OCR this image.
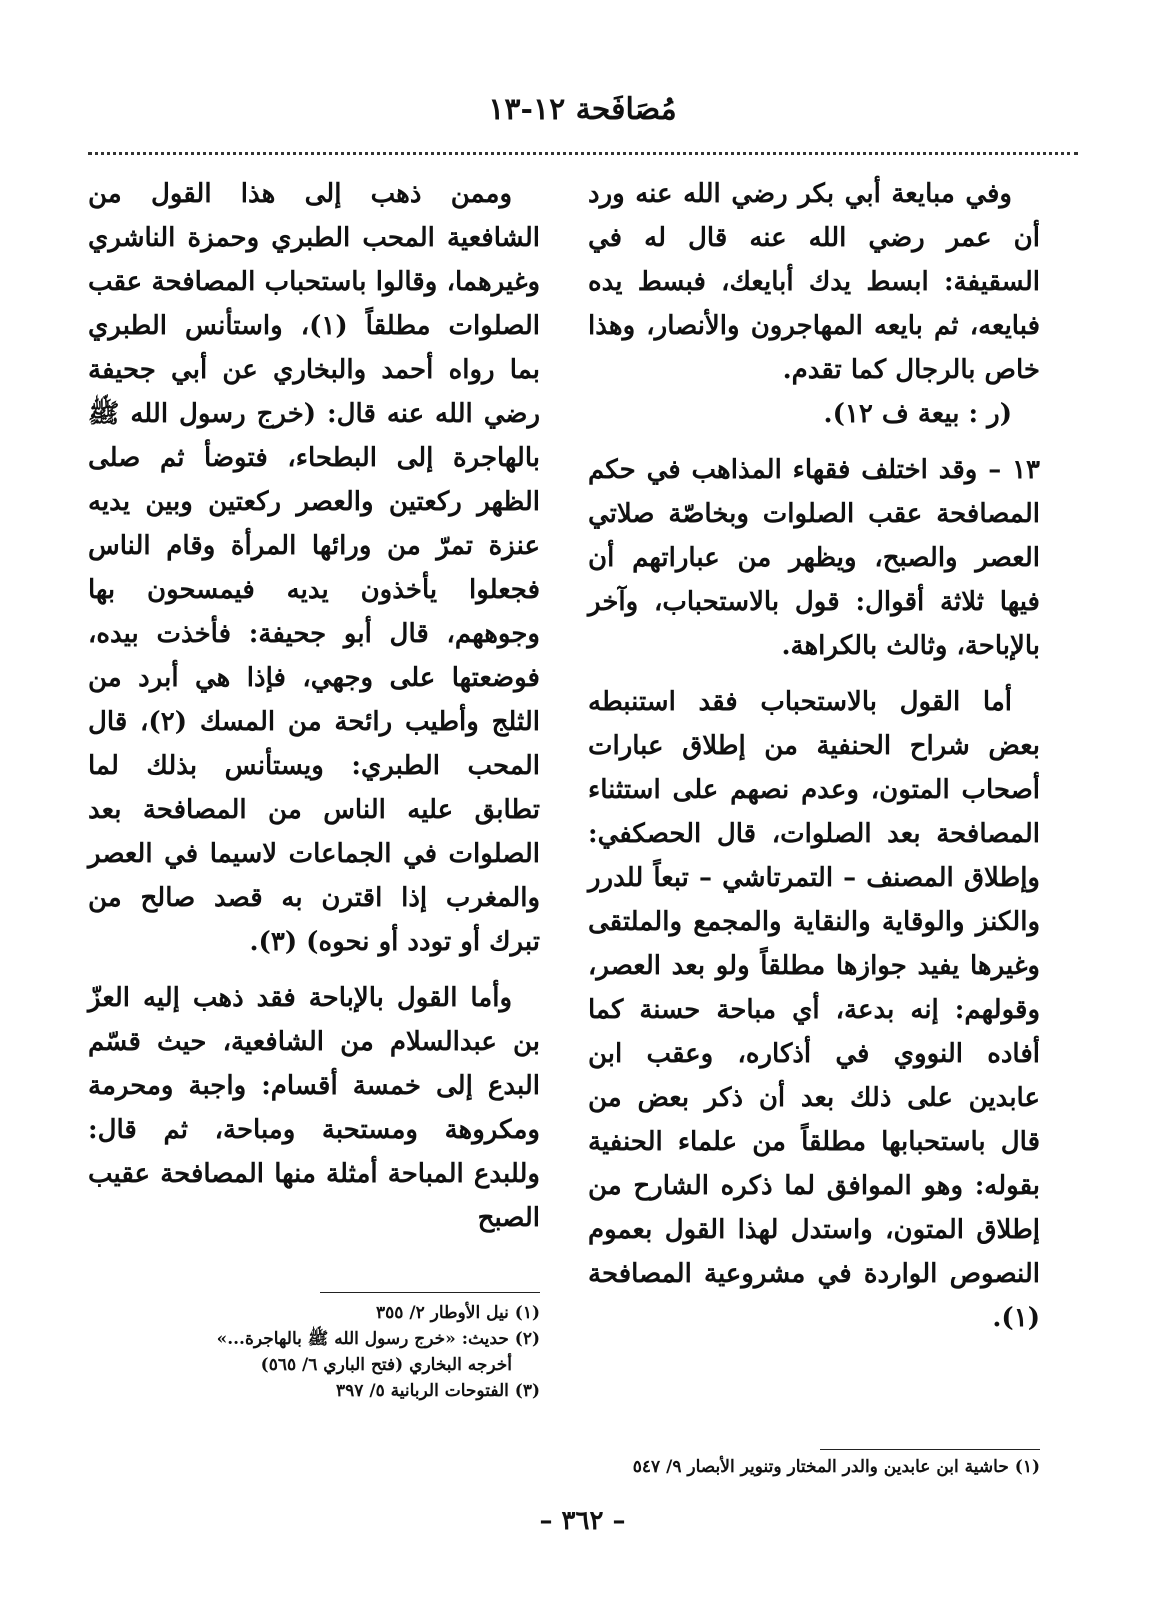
مُصَافَحة ١٢-١٣

وفي مبايعة أبي بكر رضي الله عنه ورد أن عمر رضي الله عنه قال له في السقيفة: ابسط يدك أبايعك، فبسط يده فبايعه، ثم بايعه المهاجرون والأنصار، وهذا خاص بالرجال كما تقدم.

(ر : بيعة ف ١٢).

١٣ – وقد اختلف فقهاء المذاهب في حكم المصافحة عقب الصلوات وبخاصّة صلاتي العصر والصبح، ويظهر من عباراتهم أن فيها ثلاثة أقوال: قول بالاستحباب، وآخر بالإباحة، وثالث بالكراهة.

أما القول بالاستحباب فقد استنبطه بعض شراح الحنفية من إطلاق عبارات أصحاب المتون، وعدم نصهم على استثناء المصافحة بعد الصلوات، قال الحصكفي: وإطلاق المصنف – التمرتاشي – تبعاً للدرر والكنز والوقاية والنقاية والمجمع والملتقى وغيرها يفيد جوازها مطلقاً ولو بعد العصر، وقولهم: إنه بدعة، أي مباحة حسنة كما أفاده النووي في أذكاره، وعقب ابن عابدين على ذلك بعد أن ذكر بعض من قال باستحبابها مطلقاً من علماء الحنفية بقوله: وهو الموافق لما ذكره الشارح من إطلاق المتون، واستدل لهذا القول بعموم النصوص الواردة في مشروعية المصافحة (١).

وممن ذهب إلى هذا القول من الشافعية المحب الطبري وحمزة الناشري وغيرهما، وقالوا باستحباب المصافحة عقب الصلوات مطلقاً (١)، واستأنس الطبري بما رواه أحمد والبخاري عن أبي جحيفة رضي الله عنه قال: (خرج رسول الله ﷺ بالهاجرة إلى البطحاء، فتوضأ ثم صلى الظهر ركعتين والعصر ركعتين وبين يديه عنزة تمرّ من ورائها المرأة وقام الناس فجعلوا يأخذون يديه فيمسحون بها وجوههم، قال أبو جحيفة: فأخذت بيده، فوضعتها على وجهي، فإذا هي أبرد من الثلج وأطيب رائحة من المسك (٢)، قال المحب الطبري: ويستأنس بذلك لما تطابق عليه الناس من المصافحة بعد الصلوات في الجماعات لاسيما في العصر والمغرب إذا اقترن به قصد صالح من تبرك أو تودد أو نحوه) (٣).

وأما القول بالإباحة فقد ذهب إليه العزّ بن عبدالسلام من الشافعية، حيث قسّم البدع إلى خمسة أقسام: واجبة ومحرمة ومكروهة ومستحبة ومباحة، ثم قال: وللبدع المباحة أمثلة منها المصافحة عقيب الصبح

(١) نيل الأوطار ٢/ ٣٥٥

(٢) حديث: «خرج رسول الله ﷺ بالهاجرة...»

أخرجه البخاري (فتح الباري ٦/ ٥٦٥)

(٣) الفتوحات الربانية ٥/ ٣٩٧

(١) حاشية ابن عابدين والدر المختار وتنوير الأبصار ٩/ ٥٤٧

– ٣٦٢ –
